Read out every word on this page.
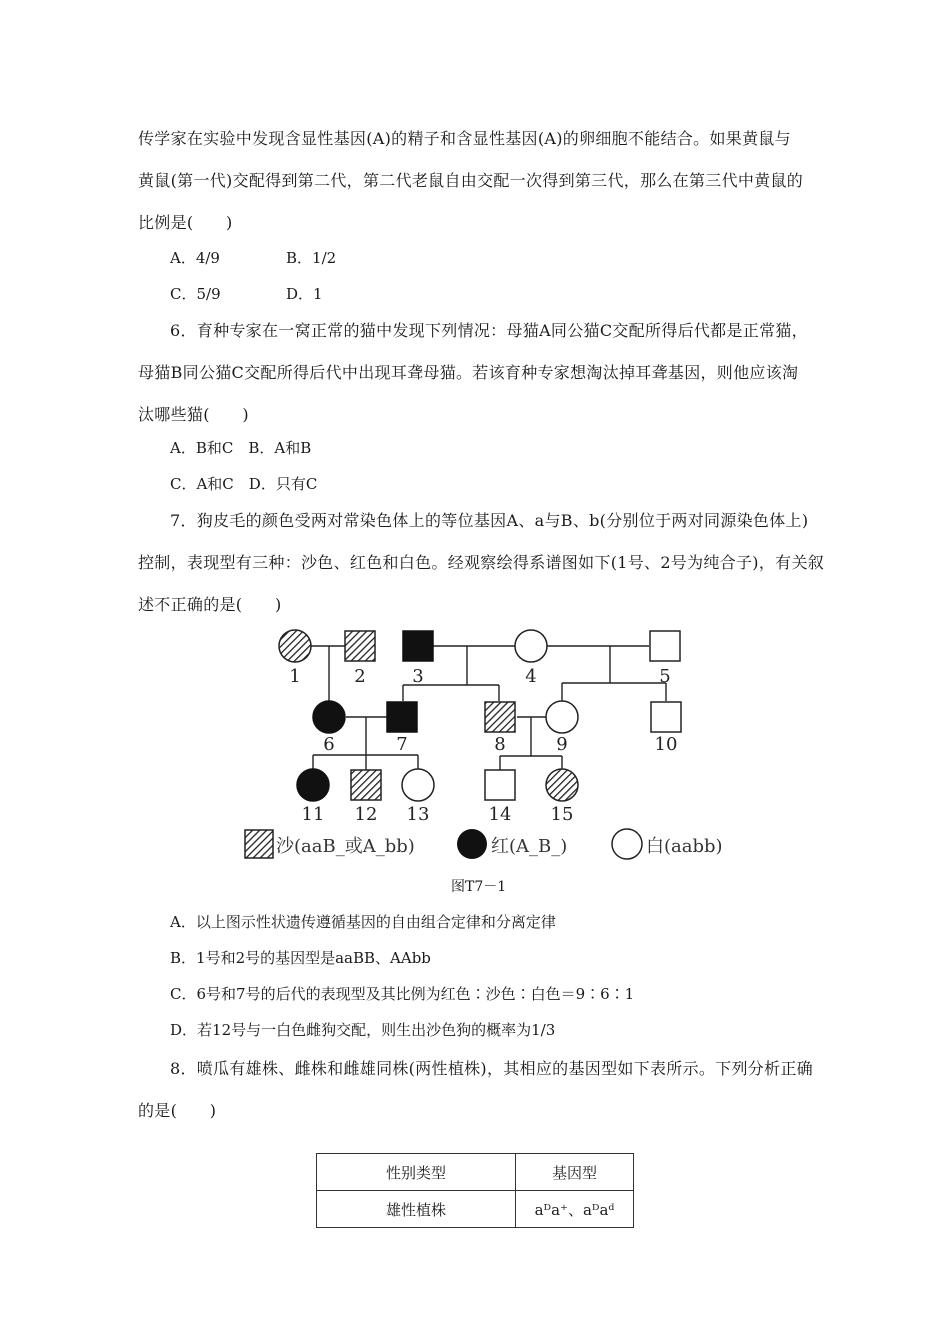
传学家在实验中发现含显性基因(A)的精子和含显性基因(A)的卵细胞不能结合。如果黄鼠与
黄鼠(第一代)交配得到第二代，第二代老鼠自由交配一次得到第三代，那么在第三代中黄鼠的
比例是(　　)
A．4/9	B．1/2
C．5/9	D．1
6．育种专家在一窝正常的猫中发现下列情况：母猫A同公猫C交配所得后代都是正常猫，
母猫B同公猫C交配所得后代中出现耳聋母猫。若该育种专家想淘汰掉耳聋基因，则他应该淘
汰哪些猫(　　)
A．B和C　B．A和B
C．A和C　D．只有C
7．狗皮毛的颜色受两对常染色体上的等位基因A、a与B、b(分别位于两对同源染色体上)
控制，表现型有三种：沙色、红色和白色。经观察绘得系谱图如下(1号、2号为纯合子)，有关叙
述不正确的是(　　)
1	2	3	4	5
6	7	8	9	10
11 12 13	14 15
沙(aaB_或A_bb)	红(A_B_)	白(aabb)
图T7－1
A．以上图示性状遗传遵循基因的自由组合定律和分离定律
B．1号和2号的基因型是aaBB、AAbb
C．6号和7号的后代的表现型及其比例为红色∶沙色∶白色＝9∶6∶1
D．若12号与一白色雌狗交配，则生出沙色狗的概率为1/3
8．喷瓜有雄株、雌株和雌雄同株(两性植株)，其相应的基因型如下表所示。下列分析正确
的是(　　)
性别类型	基因型
雄性植株	aᴰa⁺、aᴰaᵈ
